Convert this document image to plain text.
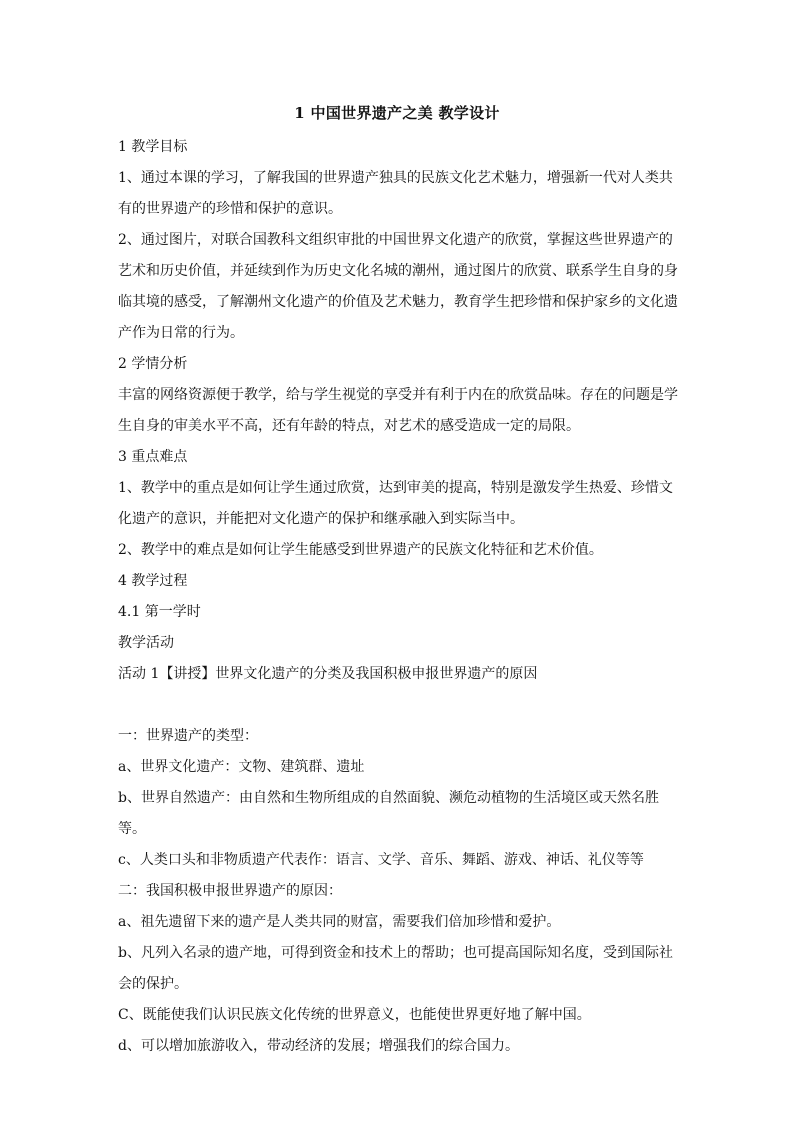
1 中国世界遗产之美 教学设计

1 教学目标

1、通过本课的学习，了解我国的世界遗产独具的民族文化艺术魅力，增强新一代对人类共有的世界遗产的珍惜和保护的意识。

2、通过图片，对联合国教科文组织审批的中国世界文化遗产的欣赏，掌握这些世界遗产的艺术和历史价值，并延续到作为历史文化名城的潮州，通过图片的欣赏、联系学生自身的身临其境的感受，了解潮州文化遗产的价值及艺术魅力，教育学生把珍惜和保护家乡的文化遗产作为日常的行为。

2 学情分析

丰富的网络资源便于教学，给与学生视觉的享受并有利于内在的欣赏品味。存在的问题是学生自身的审美水平不高，还有年龄的特点，对艺术的感受造成一定的局限。

3 重点难点

1、教学中的重点是如何让学生通过欣赏，达到审美的提高，特别是激发学生热爱、珍惜文化遗产的意识，并能把对文化遗产的保护和继承融入到实际当中。

2、教学中的难点是如何让学生能感受到世界遗产的民族文化特征和艺术价值。

4 教学过程

4.1 第一学时

教学活动

活动 1【讲授】世界文化遗产的分类及我国积极申报世界遗产的原因

一：世界遗产的类型：

a、世界文化遗产：文物、建筑群、遗址

b、世界自然遗产：由自然和生物所组成的自然面貌、濒危动植物的生活境区或天然名胜等。

c、人类口头和非物质遗产代表作：语言、文学、音乐、舞蹈、游戏、神话、礼仪等等

二：我国积极申报世界遗产的原因：

a、祖先遗留下来的遗产是人类共同的财富，需要我们倍加珍惜和爱护。

b、凡列入名录的遗产地，可得到资金和技术上的帮助；也可提高国际知名度，受到国际社会的保护。

C、既能使我们认识民族文化传统的世界意义，也能使世界更好地了解中国。

d、可以增加旅游收入，带动经济的发展；增强我们的综合国力。
